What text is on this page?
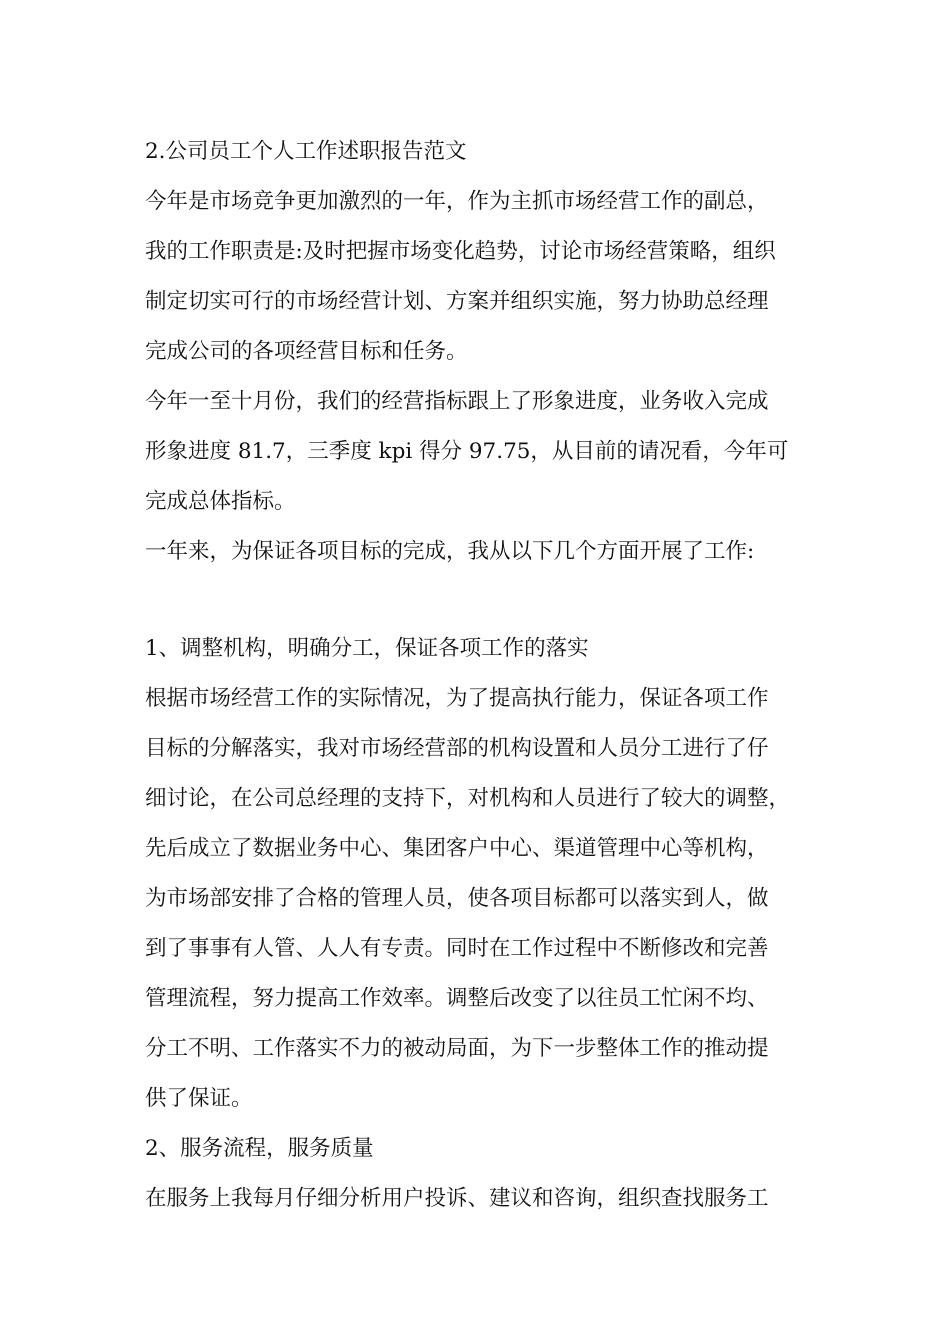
2.公司员工个人工作述职报告范文
今年是市场竞争更加激烈的一年，作为主抓市场经营工作的副总，
我的工作职责是:及时把握市场变化趋势，讨论市场经营策略，组织
制定切实可行的市场经营计划、方案并组织实施，努力协助总经理
完成公司的各项经营目标和任务。
今年一至十月份，我们的经营指标跟上了形象进度，业务收入完成
形象进度 81.7，三季度 kpi 得分 97.75，从目前的请况看，今年可
完成总体指标。
一年来，为保证各项目标的完成，我从以下几个方面开展了工作:
1、调整机构，明确分工，保证各项工作的落实
根据市场经营工作的实际情况，为了提高执行能力，保证各项工作
目标的分解落实，我对市场经营部的机构设置和人员分工进行了仔
细讨论，在公司总经理的支持下，对机构和人员进行了较大的调整，
先后成立了数据业务中心、集团客户中心、渠道管理中心等机构，
为市场部安排了合格的管理人员，使各项目标都可以落实到人，做
到了事事有人管、人人有专责。同时在工作过程中不断修改和完善
管理流程，努力提高工作效率。调整后改变了以往员工忙闲不均、
分工不明、工作落实不力的被动局面，为下一步整体工作的推动提
供了保证。
2、服务流程，服务质量
在服务上我每月仔细分析用户投诉、建议和咨询，组织查找服务工
